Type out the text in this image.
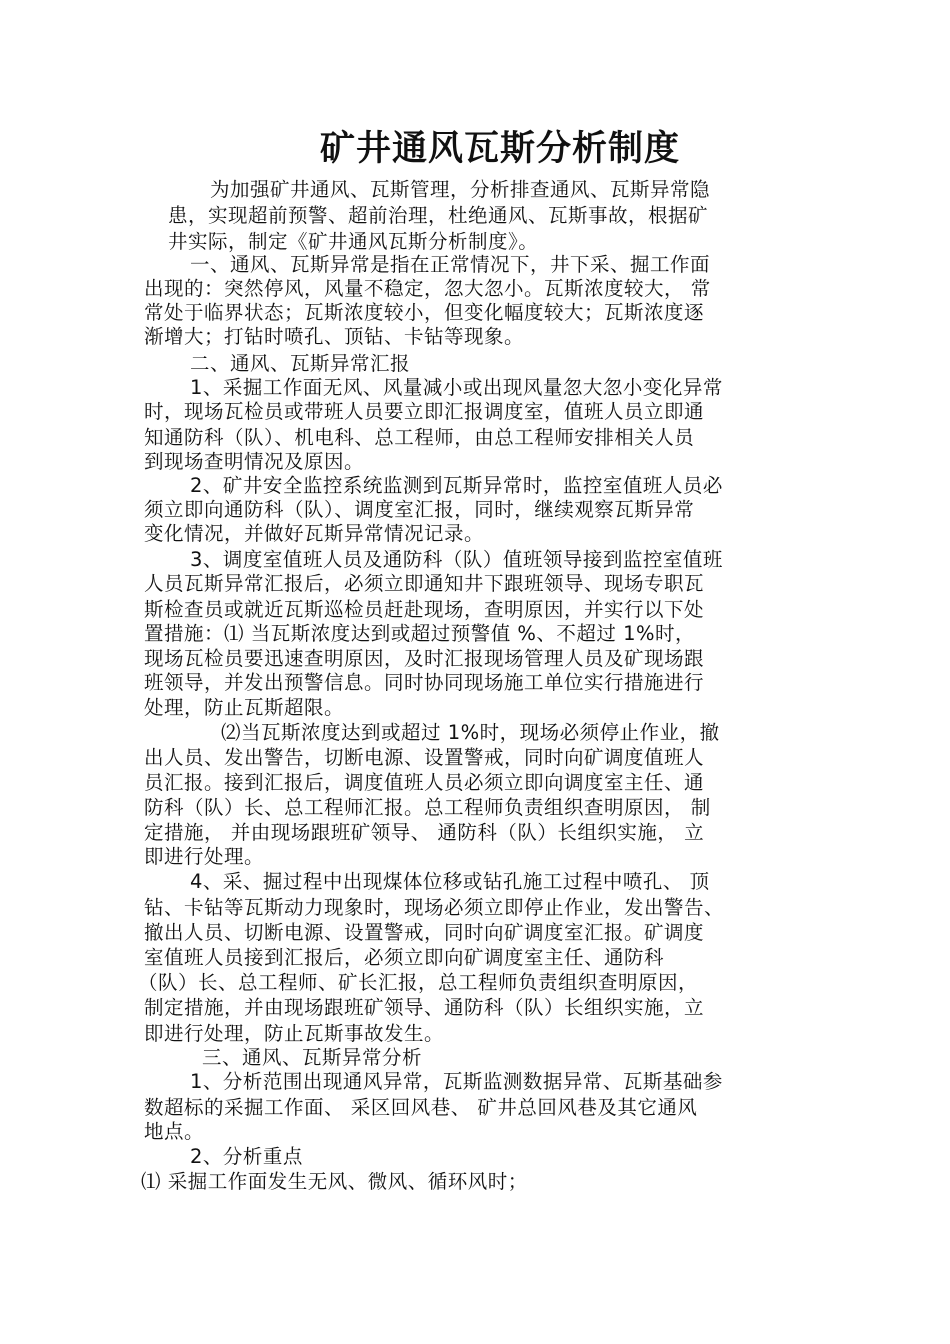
矿井通风瓦斯分析制度
为加强矿井通风、瓦斯管理，分析排查通风、瓦斯异常隐
患，实现超前预警、超前治理，杜绝通风、瓦斯事故，根据矿
井实际，制定《矿井通风瓦斯分析制度》。
一、通风、瓦斯异常是指在正常情况下，井下采、掘工作面
出现的：突然停风，风量不稳定，忽大忽小。瓦斯浓度较大， 常
常处于临界状态；瓦斯浓度较小，但变化幅度较大；瓦斯浓度逐
渐增大；打钻时喷孔、顶钻、卡钻等现象。
二、通风、瓦斯异常汇报
1、采掘工作面无风、风量减小或出现风量忽大忽小变化异常
时，现场瓦检员或带班人员要立即汇报调度室，值班人员立即通
知通防科（队）、机电科、总工程师，由总工程师安排相关人员
到现场查明情况及原因。
2、矿井安全监控系统监测到瓦斯异常时，监控室值班人员必
须立即向通防科（队）、调度室汇报，同时，继续观察瓦斯异常
变化情况，并做好瓦斯异常情况记录。
3、调度室值班人员及通防科（队）值班领导接到监控室值班
人员瓦斯异常汇报后，必须立即通知井下跟班领导、现场专职瓦
斯检查员或就近瓦斯巡检员赶赴现场，查明原因，并实行以下处
置措施：⑴ 当瓦斯浓度达到或超过预警值 %、不超过 1%时，
现场瓦检员要迅速查明原因，及时汇报现场管理人员及矿现场跟
班领导，并发出预警信息。同时协同现场施工单位实行措施进行
处理，防止瓦斯超限。
⑵当瓦斯浓度达到或超过 1%时，现场必须停止作业，撤
出人员、发出警告，切断电源、设置警戒，同时向矿调度值班人
员汇报。接到汇报后，调度值班人员必须立即向调度室主任、通
防科（队）长、总工程师汇报。总工程师负责组织查明原因， 制
定措施， 并由现场跟班矿领导、 通防科（队）长组织实施， 立
即进行处理。
4、采、掘过程中出现煤体位移或钻孔施工过程中喷孔、 顶
钻、卡钻等瓦斯动力现象时，现场必须立即停止作业，发出警告、
撤出人员、切断电源、设置警戒，同时向矿调度室汇报。矿调度
室值班人员接到汇报后，必须立即向矿调度室主任、通防科
（队）长、总工程师、矿长汇报，总工程师负责组织查明原因，
制定措施，并由现场跟班矿领导、通防科（队）长组织实施，立
即进行处理，防止瓦斯事故发生。
三、通风、瓦斯异常分析
1、分析范围出现通风异常，瓦斯监测数据异常、瓦斯基础参
数超标的采掘工作面、 采区回风巷、 矿井总回风巷及其它通风
地点。
2、分析重点
⑴ 采掘工作面发生无风、微风、循环风时；
